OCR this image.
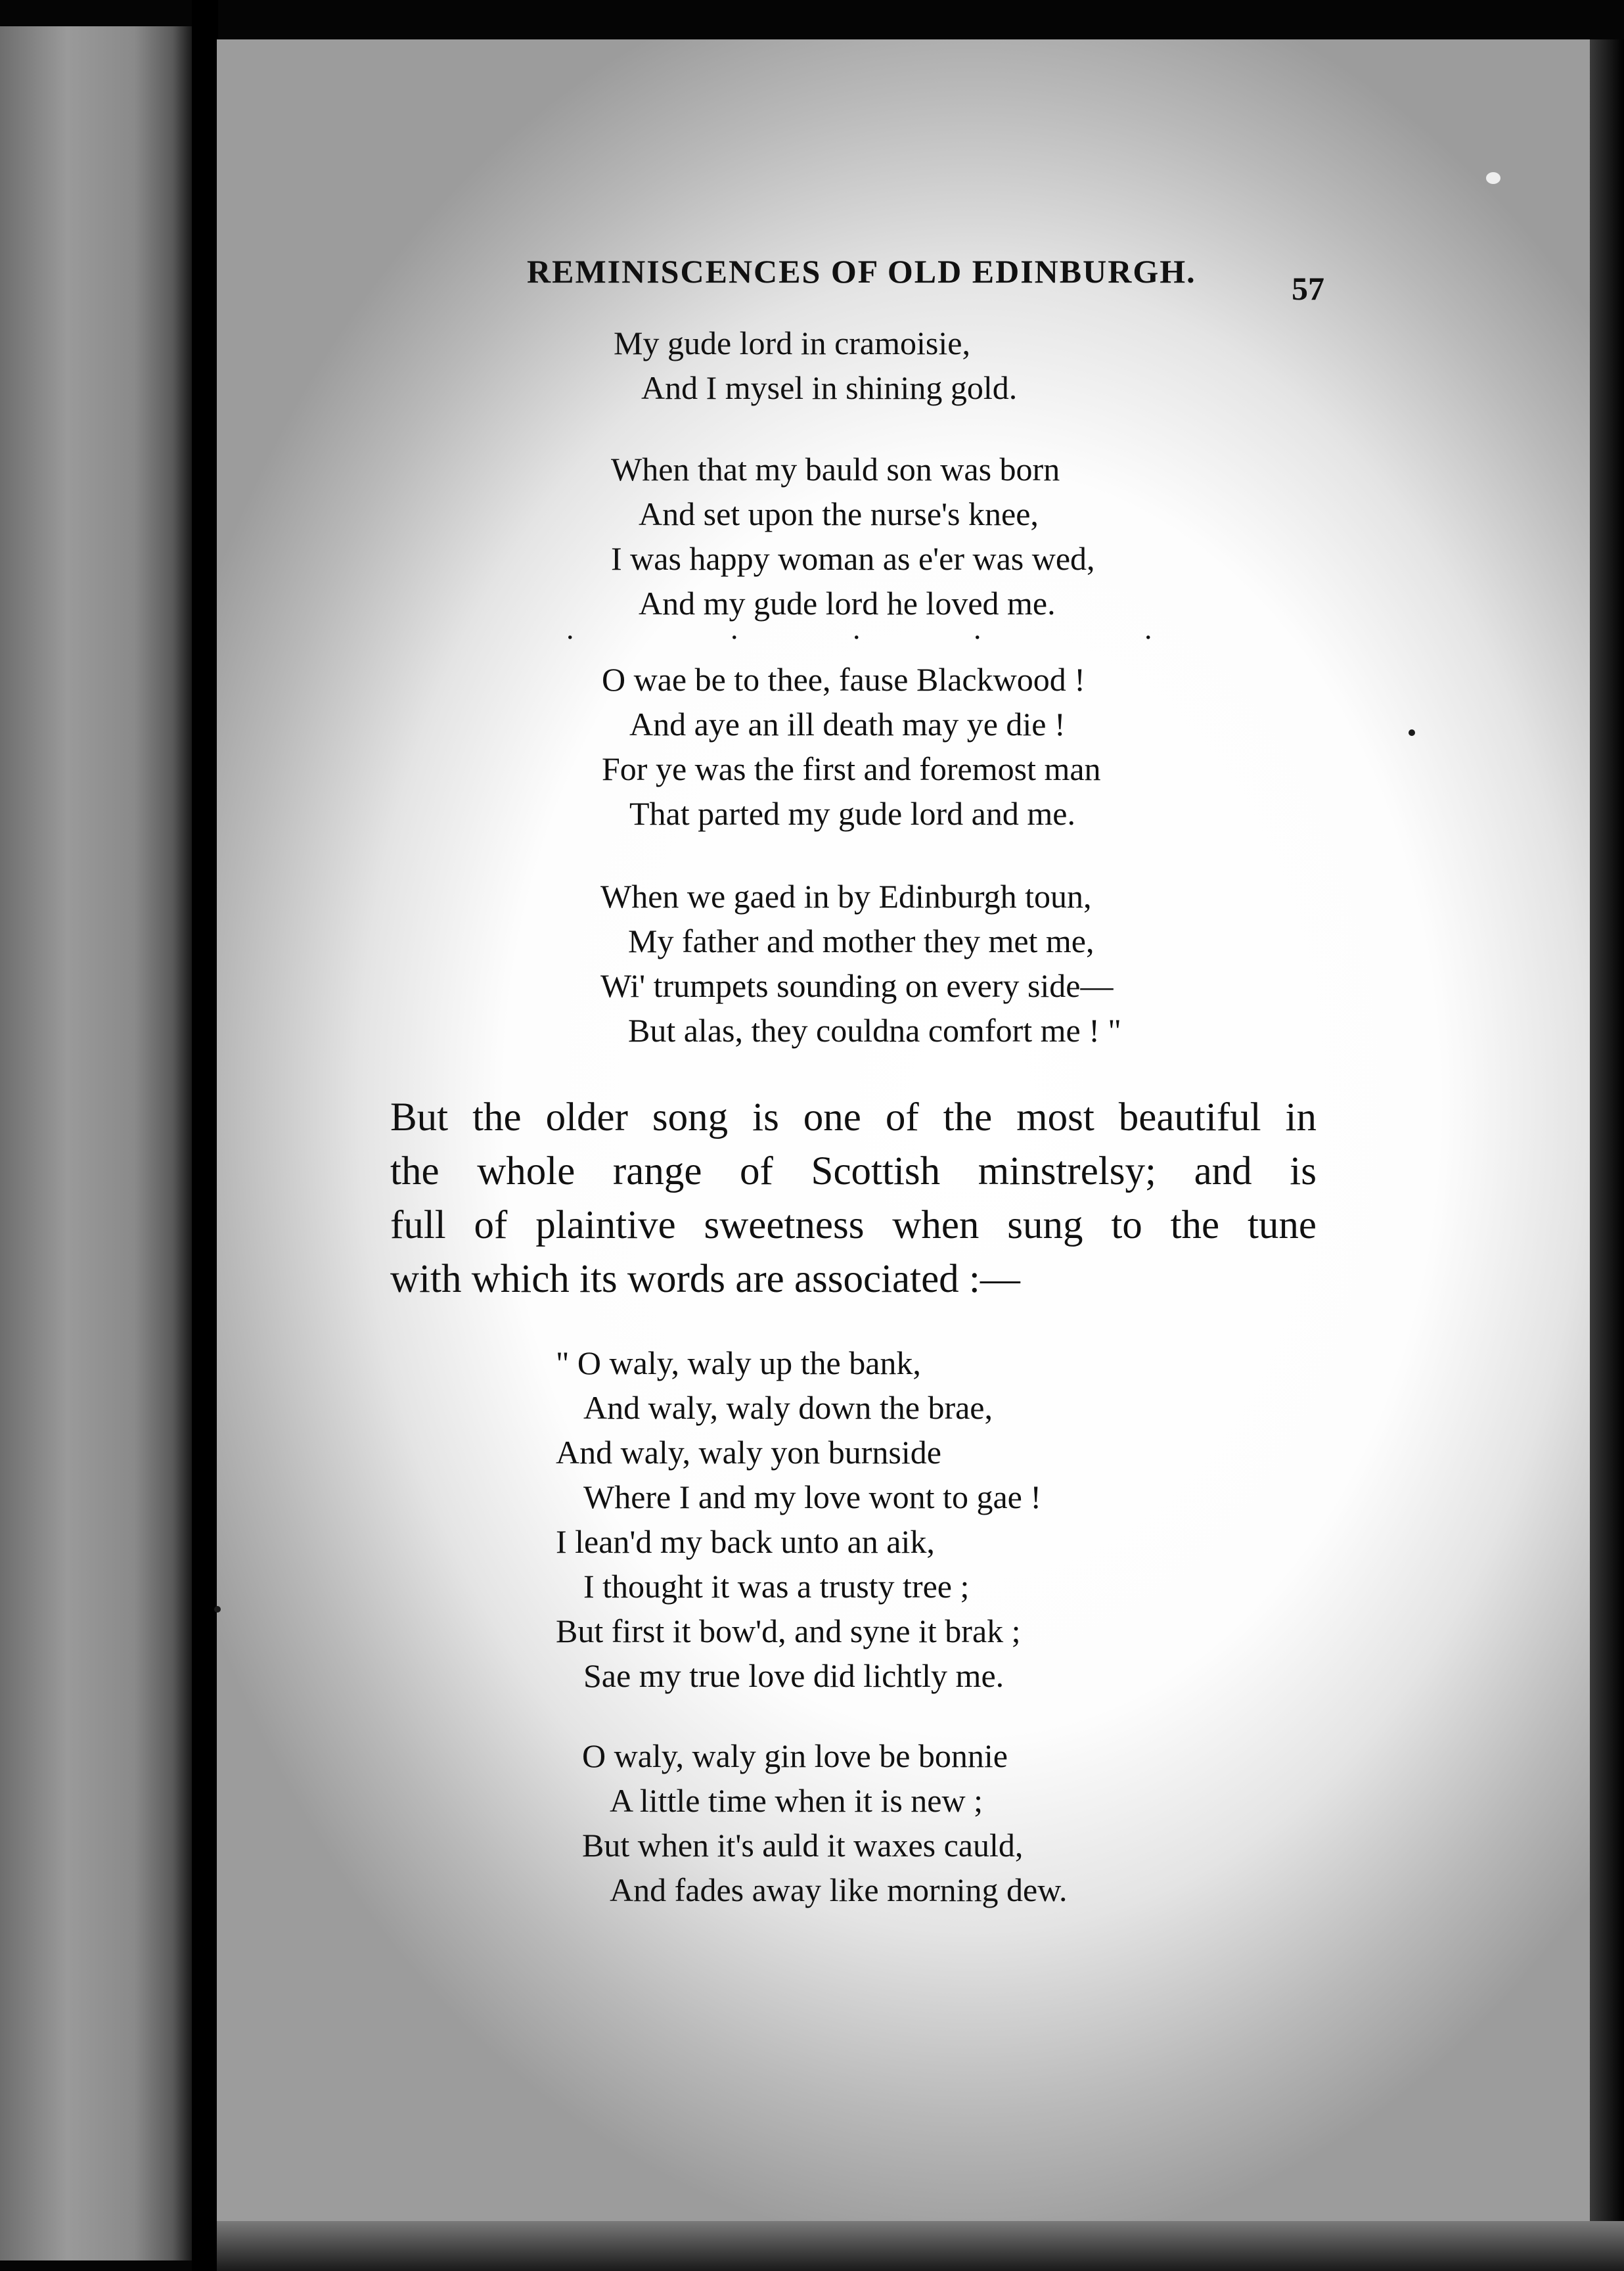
REMINISCENCES OF OLD EDINBURGH.	57

My gude lord in cramoisie,
And I mysel in shining gold.
When that my bauld son was born
And set upon the nurse's knee,
I was happy woman as e'er was wed,
And my gude lord he loved me.
.	.	.	.	.
O wae be to thee, fause Blackwood !
And aye an ill death may ye die !
For ye was the first and foremost man
That parted my gude lord and me.
When we gaed in by Edinburgh toun,
My father and mother they met me,
Wi' trumpets sounding on every side—
But alas, they couldna comfort me ! "

But the older song is one of the most beautiful in
the whole range of Scottish minstrelsy; and is
full of plaintive sweetness when sung to the tune
with which its words are associated :—

" O waly, waly up the bank,
And waly, waly down the brae,
And waly, waly yon burnside
Where I and my love wont to gae !
I lean'd my back unto an aik,
I thought it was a trusty tree ;
But first it bow'd, and syne it brak ;
Sae my true love did lichtly me.
O waly, waly gin love be bonnie
A little time when it is new ;
But when it's auld it waxes cauld,
And fades away like morning dew.
